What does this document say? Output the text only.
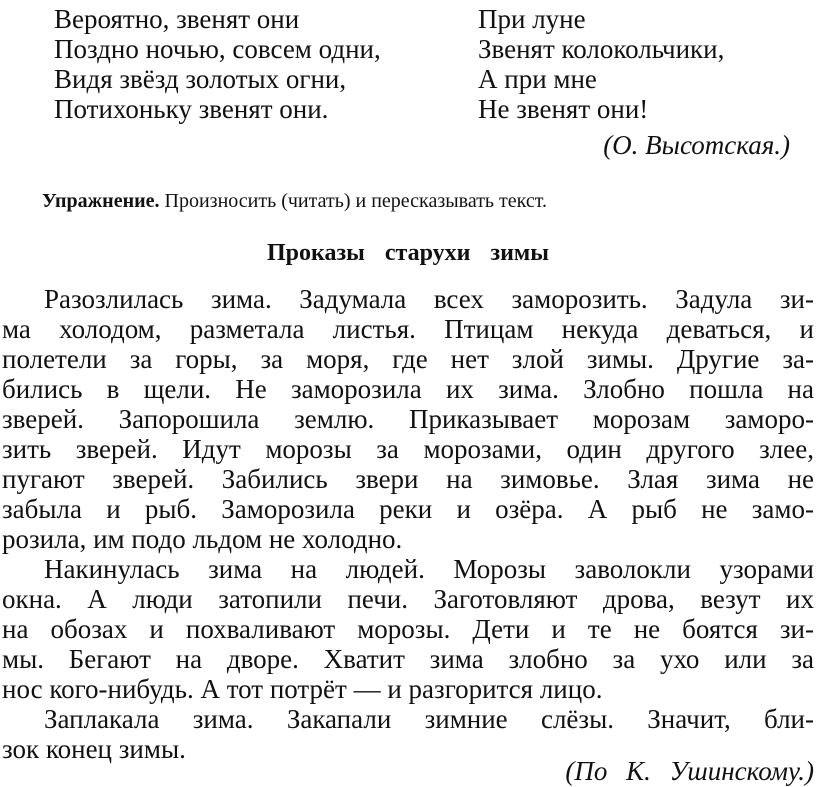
Вероятно, звенят они
Поздно ночью, совсем одни,
Видя звёзд золотых огни,
Потихоньку звенят они.
При луне
Звенят колокольчики,
А при мне
Не звенят они!
(О. Высотская.)
Упражнение. Произносить (читать) и пересказывать текст.
Проказы старухи зимы
Разозлилась зима. Задумала всех заморозить. Задула зи-
ма холодом, разметала листья. Птицам некуда деваться, и
полетели за горы, за моря, где нет злой зимы. Другие за-
бились в щели. Не заморозила их зима. Злобно пошла на
зверей. Запорошила землю. Приказывает морозам заморо-
зить зверей. Идут морозы за морозами, один другого злее,
пугают зверей. Забились звери на зимовье. Злая зима не
забыла и рыб. Заморозила реки и озёра. А рыб не замо-
розила, им подо льдом не холодно.
Накинулась зима на людей. Морозы заволокли узорами
окна. А люди затопили печи. Заготовляют дрова, везут их
на обозах и похваливают морозы. Дети и те не боятся зи-
мы. Бегают на дворе. Хватит зима злобно за ухо или за
нос кого-нибудь. А тот потрёт — и разгорится лицо.
Заплакала зима. Закапали зимние слёзы. Значит, бли-
зок конец зимы.
(По К. Ушинскому.)
